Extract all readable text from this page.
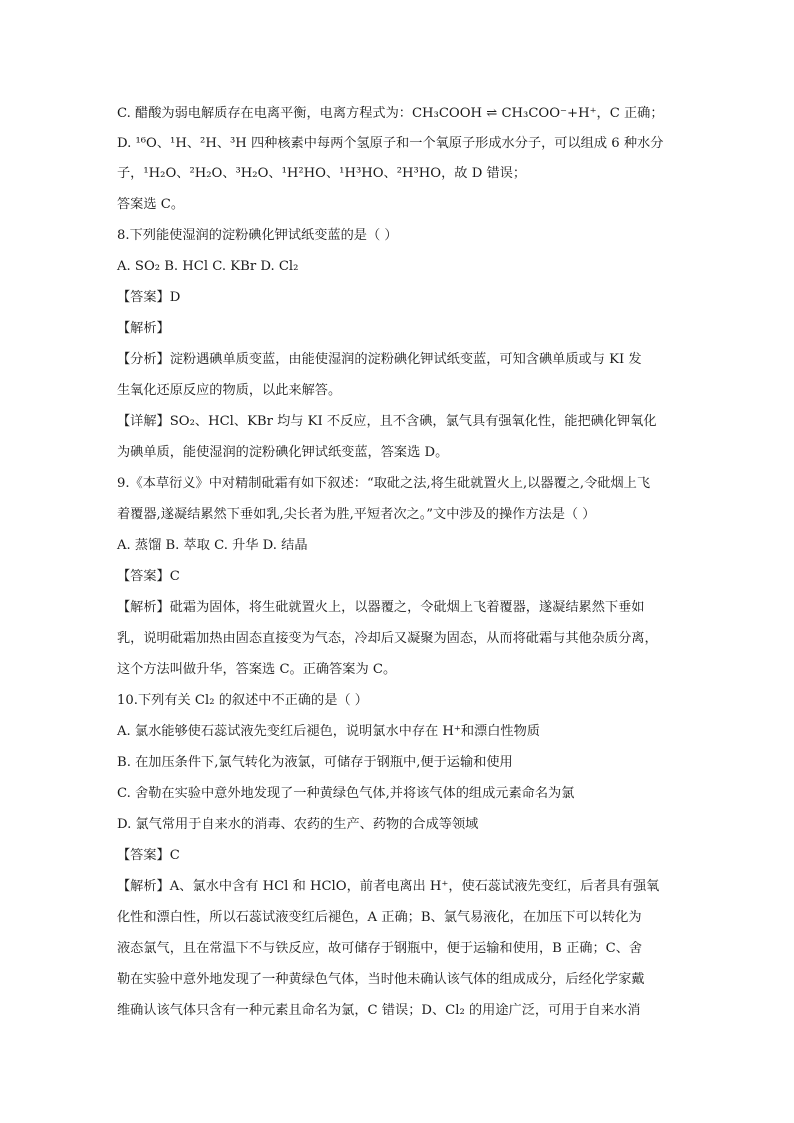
C. 醋酸为弱电解质存在电离平衡，电离方程式为：CH₃COOH ⇌ CH₃COO⁻+H⁺，C 正确；
D. ¹⁶O、¹H、²H、³H 四种核素中每两个氢原子和一个氧原子形成水分子，可以组成 6 种水分
子，¹H₂O、²H₂O、³H₂O、¹H²HO、¹H³HO、²H³HO，故 D 错误；
答案选 C。
8.下列能使湿润的淀粉碘化钾试纸变蓝的是（ ）
A. SO₂ B. HCl C. KBr D. Cl₂
【答案】D
【解析】
【分析】淀粉遇碘单质变蓝，由能使湿润的淀粉碘化钾试纸变蓝，可知含碘单质或与 KI 发
生氧化还原反应的物质，以此来解答。
【详解】SO₂、HCl、KBr 均与 KI 不反应，且不含碘，氯气具有强氧化性，能把碘化钾氧化
为碘单质，能使湿润的淀粉碘化钾试纸变蓝，答案选 D。
9.《本草衍义》中对精制砒霜有如下叙述：“取砒之法,将生砒就置火上,以器覆之,令砒烟上飞
着覆器,遂凝结累然下垂如乳,尖长者为胜,平短者次之。”文中涉及的操作方法是（ ）
A. 蒸馏 B. 萃取 C. 升华 D. 结晶
【答案】C
【解析】砒霜为固体，将生砒就置火上，以器覆之，令砒烟上飞着覆器，遂凝结累然下垂如
乳，说明砒霜加热由固态直接变为气态，冷却后又凝聚为固态，从而将砒霜与其他杂质分离，
这个方法叫做升华，答案选 C。正确答案为 C。
10.下列有关 Cl₂ 的叙述中不正确的是（ ）
A. 氯水能够使石蕊试液先变红后褪色，说明氯水中存在 H⁺和漂白性物质
B. 在加压条件下,氯气转化为液氯，可储存于钢瓶中,便于运输和使用
C. 舍勒在实验中意外地发现了一种黄绿色气体,并将该气体的组成元素命名为氯
D. 氯气常用于自来水的消毒、农药的生产、药物的合成等领域
【答案】C
【解析】A、氯水中含有 HCl 和 HClO，前者电离出 H⁺，使石蕊试液先变红，后者具有强氧
化性和漂白性，所以石蕊试液变红后褪色，A 正确；B、氯气易液化，在加压下可以转化为
液态氯气，且在常温下不与铁反应，故可储存于钢瓶中，便于运输和使用，B 正确；C、舍
勒在实验中意外地发现了一种黄绿色气体，当时他未确认该气体的组成成分，后经化学家戴
维确认该气体只含有一种元素且命名为氯，C 错误；D、Cl₂ 的用途广泛，可用于自来水消
